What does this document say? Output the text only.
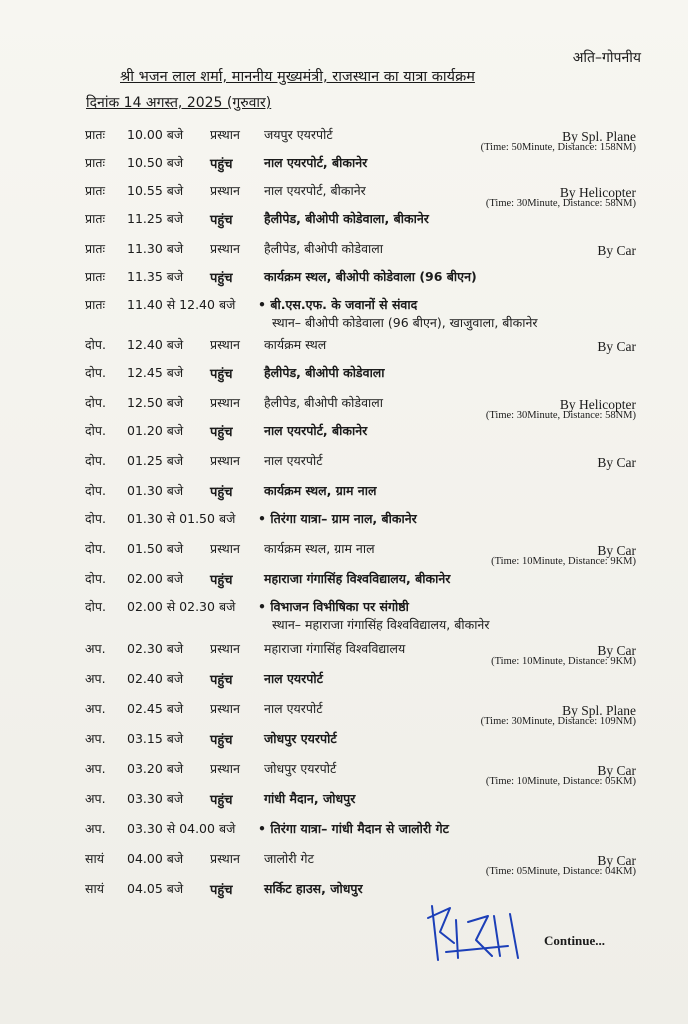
अति–गोपनीय
श्री भजन लाल शर्मा, माननीय मुख्यमंत्री, राजस्थान का यात्रा कार्यक्रम
दिनांक 14 अगस्त, 2025 (गुरुवार)
प्रातः 10.00 बजे प्रस्थान जयपुर एयरपोर्ट	By Spl. Plane
(Time: 50Minute, Distance: 158NM)
प्रातः 10.50 बजे पहुंच	नाल एयरपोर्ट, बीकानेर
प्रातः 10.55 बजे प्रस्थान नाल एयरपोर्ट, बीकानेर	By Helicopter
(Time: 30Minute, Distance: 58NM)
प्रातः 11.25 बजे पहुंच	हैलीपेड, बीओपी कोडेवाला, बीकानेर
प्रातः 11.30 बजे प्रस्थान हैलीपेड, बीओपी कोडेवाला	By Car
प्रातः 11.35 बजे पहुंच	कार्यक्रम स्थल, बीओपी कोडेवाला (96 बीएन)
प्रातः 11.40 से 12.40 बजे • बी.एस.एफ. के जवानों से संवाद
स्थान– बीओपी कोडेवाला (96 बीएन), खाजुवाला, बीकानेर
दोप. 12.40 बजे प्रस्थान कार्यक्रम स्थल	By Car
दोप. 12.45 बजे पहुंच	हैलीपेड, बीओपी कोडेवाला
दोप. 12.50 बजे प्रस्थान हैलीपेड, बीओपी कोडेवाला	By Helicopter
(Time: 30Minute, Distance: 58NM)
दोप. 01.20 बजे पहुंच	नाल एयरपोर्ट, बीकानेर
दोप. 01.25 बजे प्रस्थान नाल एयरपोर्ट	By Car
दोप. 01.30 बजे पहुंच	कार्यक्रम स्थल, ग्राम नाल
दोप. 01.30 से 01.50 बजे • तिरंगा यात्रा– ग्राम नाल, बीकानेर
दोप. 01.50 बजे प्रस्थान कार्यक्रम स्थल, ग्राम नाल	By Car
(Time: 10Minute, Distance: 9KM)
दोप. 02.00 बजे पहुंच	महाराजा गंगासिंह विश्वविद्यालय, बीकानेर
दोप. 02.00 से 02.30 बजे • विभाजन विभीषिका पर संगोष्ठी
स्थान– महाराजा गंगासिंह विश्वविद्यालय, बीकानेर
अप. 02.30 बजे प्रस्थान महाराजा गंगासिंह विश्वविद्यालय	By Car
(Time: 10Minute, Distance: 9KM)
अप. 02.40 बजे पहुंच	नाल एयरपोर्ट
अप. 02.45 बजे प्रस्थान नाल एयरपोर्ट	By Spl. Plane
(Time: 30Minute, Distance: 109NM)
अप. 03.15 बजे पहुंच	जोधपुर एयरपोर्ट
अप. 03.20 बजे प्रस्थान जोधपुर एयरपोर्ट	By Car
(Time: 10Minute, Distance: 05KM)
अप. 03.30 बजे पहुंच	गांधी मैदान, जोधपुर
अप. 03.30 से 04.00 बजे • तिरंगा यात्रा– गांधी मैदान से जालोरी गेट
सायं 04.00 बजे प्रस्थान जालोरी गेट	By Car
(Time: 05Minute, Distance: 04KM)
सायं 04.05 बजे पहुंच	सर्किट हाउस, जोधपुर
Continue...
